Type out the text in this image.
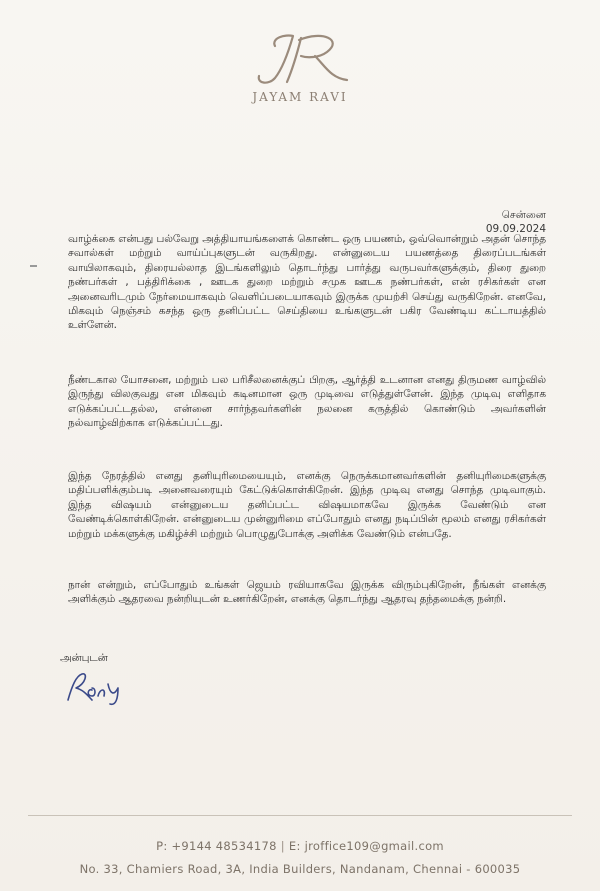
JAYAM RAVI
சென்னை
09.09.2024
வாழ்க்கை என்பது பல்வேறு அத்தியாயங்களைக் கொண்ட ஒரு பயணம், ஒவ்வொன்றும் அதன் சொந்த சவால்கள் மற்றும் வாய்ப்புகளுடன் வருகிறது. என்னுடைய பயணத்தை திரைப்படங்கள் வாயிலாகவும், திரையல்லாத இடங்களிலும் தொடர்ந்து பார்த்து வருபவர்களுக்கும், திரை துறை நண்பர்கள் , பத்திரிக்கை , ஊடக துறை மற்றும் சமுக ஊடக நண்பர்கள், என் ரசிகர்கள் என அனைவரிடமும் நேர்மையாகவும் வெளிப்படையாகவும் இருக்க முயற்சி செய்து வருகிறேன். எனவே, மிகவும் நெஞ்சம் கசந்த ஒரு தனிப்பட்ட செய்தியை உங்களுடன் பகிர வேண்டிய கட்டாயத்தில் உள்ளேன்.
நீண்டகால யோசனை, மற்றும் பல பரிசீலனைக்குப் பிறகு, ஆர்த்தி உடனான எனது திருமண வாழ்வில் இருந்து விலகுவது என மிகவும் கடினமான ஒரு முடிவை எடுத்துள்ளேன். இந்த முடிவு எளிதாக எடுக்கப்பட்டதல்ல, என்னை சார்ந்தவர்களின் நலனை கருத்தில் கொண்டும் அவர்களின் நல்வாழ்விற்காக எடுக்கப்பட்டது.
இந்த நேரத்தில் எனது தனியுரிமையையும், எனக்கு நெருக்கமானவர்களின் தனியுரிமைகளுக்கு மதிப்பளிக்கும்படி அனைவரையும் கேட்டுக்கொள்கிறேன். இந்த முடிவு எனது சொந்த முடிவாகும். இந்த விஷயம் என்னுடைய தனிப்பட்ட விஷயமாகவே இருக்க வேண்டும் என வேண்டிக்கொள்கிறேன். என்னுடைய முன்னுரிமை எப்போதும் எனது நடிப்பின் மூலம் எனது ரசிகர்கள் மற்றும் மக்களுக்கு மகிழ்ச்சி மற்றும் பொழுதுபோக்கு அளிக்க வேண்டும் என்பதே.
நான் என்றும், எப்போதும் உங்கள் ஜெயம் ரவியாகவே இருக்க விரும்புகிறேன், நீங்கள் எனக்கு அளிக்கும் ஆதரவை நன்றியுடன் உணர்கிறேன், எனக்கு தொடர்ந்து ஆதரவு தந்தமைக்கு நன்றி.
அன்புடன்
P: +9144 48534178 | E: jroffice109@gmail.com
No. 33, Chamiers Road, 3A, India Builders, Nandanam, Chennai - 600035
